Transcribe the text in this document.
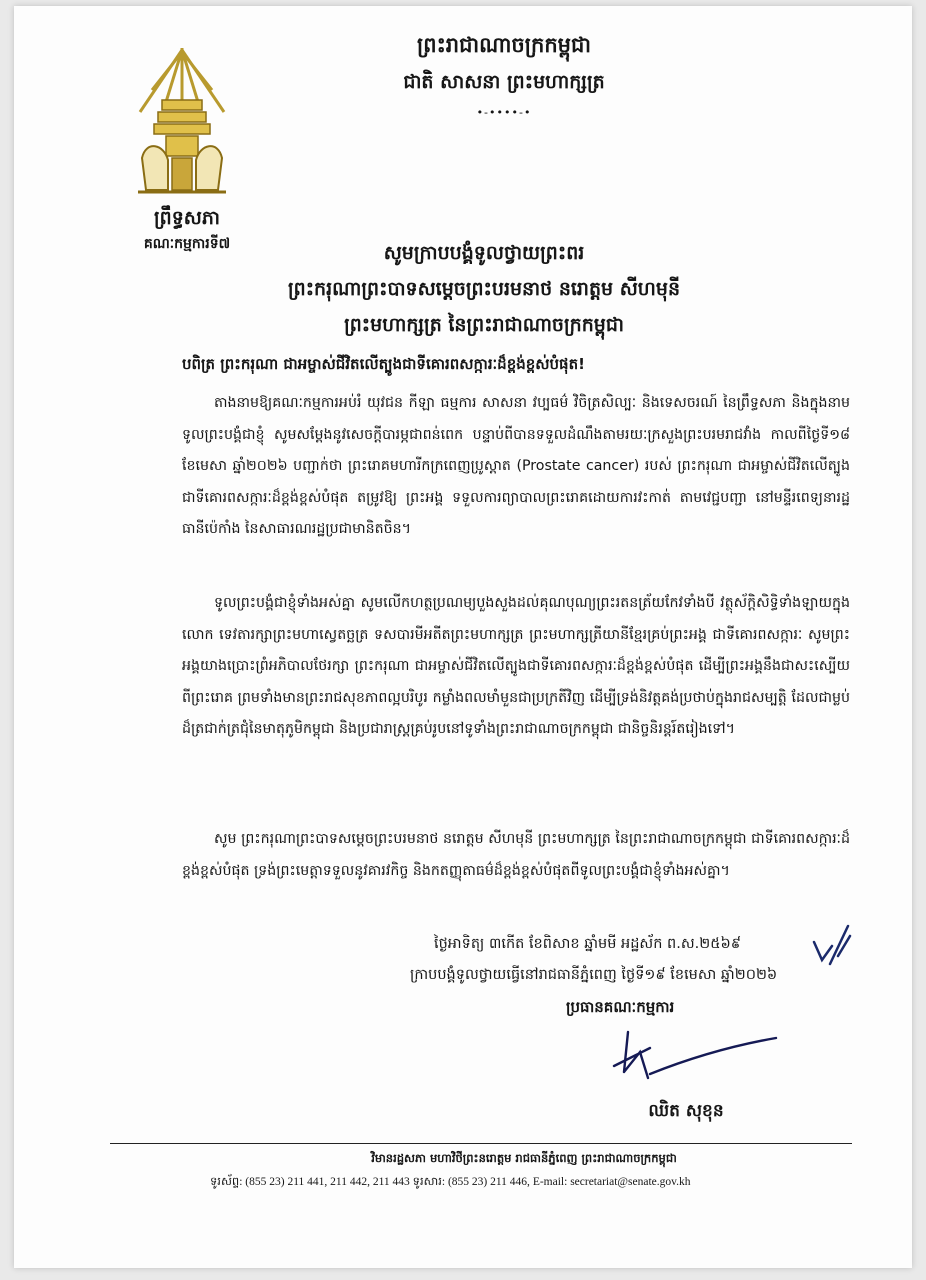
ព្រឹទ្ធសភា
គណៈកម្មការទី៧
ព្រះរាជាណាចក្រកម្ពុជា
ជាតិ សាសនា ព្រះមហាក្សត្រ
•-••••-•
សូមក្រាបបង្គំទូលថ្វាយព្រះពរ
ព្រះករុណាព្រះបាទសម្តេចព្រះបរមនាថ នរោត្តម សីហមុនី
ព្រះមហាក្សត្រ នៃព្រះរាជាណាចក្រកម្ពុជា
បពិត្រ ព្រះករុណា ជាអម្ចាស់ជីវិតលើត្បូងជាទីគោរពសក្ការៈដ៏ខ្ពង់ខ្ពស់បំផុត!
តាងនាមឱ្យគណៈកម្មការអប់រំ យុវជន កីឡា ធម្មការ សាសនា វប្បធម៌ វិចិត្រសិល្បៈ និងទេសចរណ៍ នៃព្រឹទ្ធសភា និងក្នុងនាមទូលព្រះបង្គំជាខ្ញុំ សូមសម្តែងនូវសេចក្តីបារម្ភជាពន់ពេក បន្ទាប់ពីបានទទួលដំណឹងតាមរយៈក្រសួងព្រះបរមរាជវាំង កាលពីថ្ងៃទី១៨ ខែមេសា ឆ្នាំ២០២៦ បញ្ជាក់ថា ព្រះរោគមហារីកក្រពេញប្រូស្តាត (Prostate cancer) របស់ ព្រះករុណា ជាអម្ចាស់ជីវិតលើត្បូង ជាទីគោរពសក្ការៈដ៏ខ្ពង់ខ្ពស់បំផុត តម្រូវឱ្យ ព្រះអង្គ ទទួលការព្យាបាលព្រះរោគដោយការវះកាត់ តាមវេជ្ជបញ្ជា នៅមន្ទីរពេទ្យនារដ្ឋធានីប៉េកាំង នៃសាធារណរដ្ឋប្រជាមានិតចិន។
ទូលព្រះបង្គំជាខ្ញុំទាំងអស់គ្នា សូមលើកហត្ថប្រណម្យបួងសួងដល់គុណបុណ្យព្រះរតនត្រ័យកែវទាំងបី វត្ថុស័ក្តិសិទ្ធិទាំងឡាយក្នុងលោក ទេវតារក្សាព្រះមហាស្វេតច្ឆត្រ ទសបារមីអតីតព្រះមហាក្សត្រ ព្រះមហាក្សត្រីយានីខ្មែរគ្រប់ព្រះអង្គ ជាទីគោរពសក្ការៈ សូមព្រះអង្គយាងប្រោះព្រំអភិបាលថែរក្សា ព្រះករុណា ជាអម្ចាស់ជីវិតលើត្បូងជាទីគោរពសក្ការៈដ៏ខ្ពង់ខ្ពស់បំផុត ដើម្បីព្រះអង្គនឹងជាសះស្បើយពីព្រះរោគ ព្រមទាំងមានព្រះរាជសុខភាពល្អបរិបូរ កម្លាំងពលមាំមួនជាប្រក្រតីវិញ ដើម្បីទ្រង់និវត្តគង់ប្រថាប់ក្នុងរាជសម្បត្តិ ដែលជាម្លប់ដ៏ត្រជាក់ត្រជុំនៃមាតុភូមិកម្ពុជា និងប្រជារាស្ត្រគ្រប់រូបនៅទូទាំងព្រះរាជាណាចក្រកម្ពុជា ជានិច្ចនិរន្តរ៍តរៀងទៅ។
សូម ព្រះករុណាព្រះបាទសម្តេចព្រះបរមនាថ នរោត្តម សីហមុនី ព្រះមហាក្សត្រ នៃព្រះរាជាណាចក្រកម្ពុជា ជាទីគោរពសក្ការៈដ៏ខ្ពង់ខ្ពស់បំផុត ទ្រង់ព្រះមេត្តាទទួលនូវគារវកិច្ច និងកតញ្ញុតាធម៌ដ៏ខ្ពង់ខ្ពស់បំផុតពីទូលព្រះបង្គំជាខ្ញុំទាំងអស់គ្នា។
ថ្ងៃអាទិត្យ ៣កើត ខែពិសាខ ឆ្នាំមមី អដ្ឋស័ក ព.ស.២៥៦៩
ក្រាបបង្គំទូលថ្វាយធ្វើនៅរាជធានីភ្នំពេញ ថ្ងៃទី១៩ ខែមេសា ឆ្នាំ២០២៦
ប្រធានគណៈកម្មការ
ឈិត សុខុន
វិមានរដ្ឋសភា មហាវិថីព្រះនរោត្តម រាជធានីភ្នំពេញ ព្រះរាជាណាចក្រកម្ពុជា
ទូរស័ព្ទ: (855 23) 211 441, 211 442, 211 443 ទូរសារ: (855 23) 211 446, E-mail: secretariat@senate.gov.kh
